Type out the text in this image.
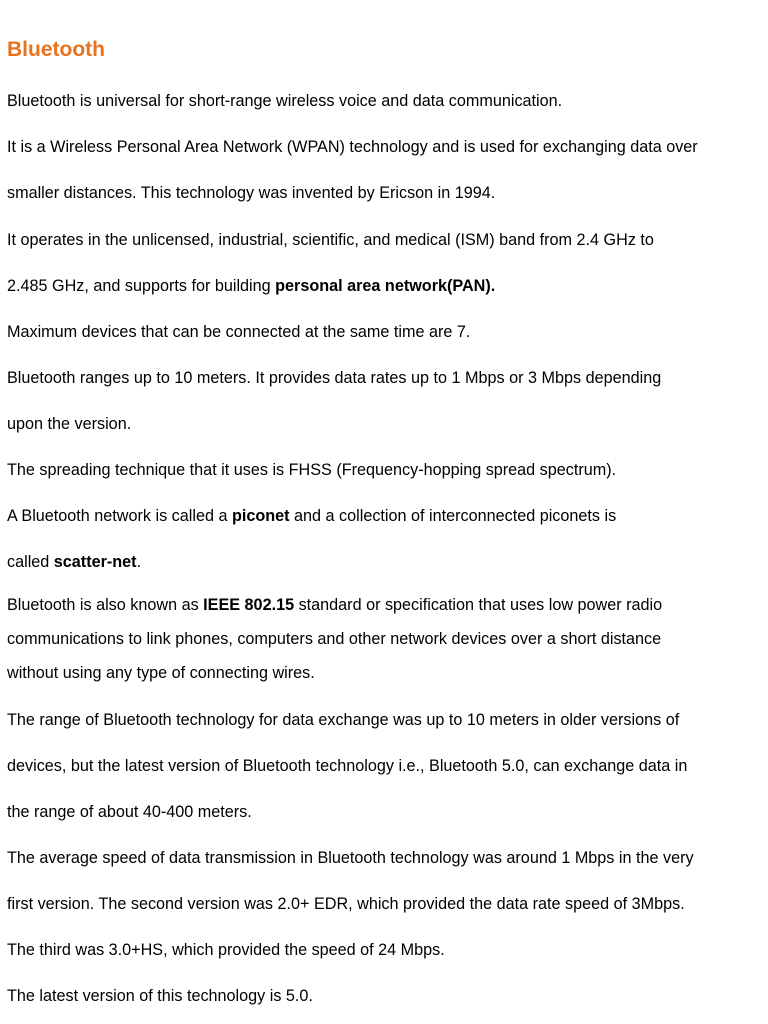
Bluetooth
Bluetooth is universal for short-range wireless voice and data communication.
It is a Wireless Personal Area Network (WPAN) technology and is used for exchanging data over
smaller distances. This technology was invented by Ericson in 1994.
It operates in the unlicensed, industrial, scientific, and medical (ISM) band from 2.4 GHz to
2.485 GHz, and supports for building personal area network(PAN).
Maximum devices that can be connected at the same time are 7.
Bluetooth ranges up to 10 meters. It provides data rates up to 1 Mbps or 3 Mbps depending
upon the version.
The spreading technique that it uses is FHSS (Frequency-hopping spread spectrum).
A Bluetooth network is called a piconet and a collection of interconnected piconets is
called scatter-net.
Bluetooth is also known as IEEE 802.15 standard or specification that uses low power radio
communications to link phones, computers and other network devices over a short distance
without using any type of connecting wires.
The range of Bluetooth technology for data exchange was up to 10 meters in older versions of
devices, but the latest version of Bluetooth technology i.e., Bluetooth 5.0, can exchange data in
the range of about 40-400 meters.
The average speed of data transmission in Bluetooth technology was around 1 Mbps in the very
first version. The second version was 2.0+ EDR, which provided the data rate speed of 3Mbps.
The third was 3.0+HS, which provided the speed of 24 Mbps.
The latest version of this technology is 5.0.
